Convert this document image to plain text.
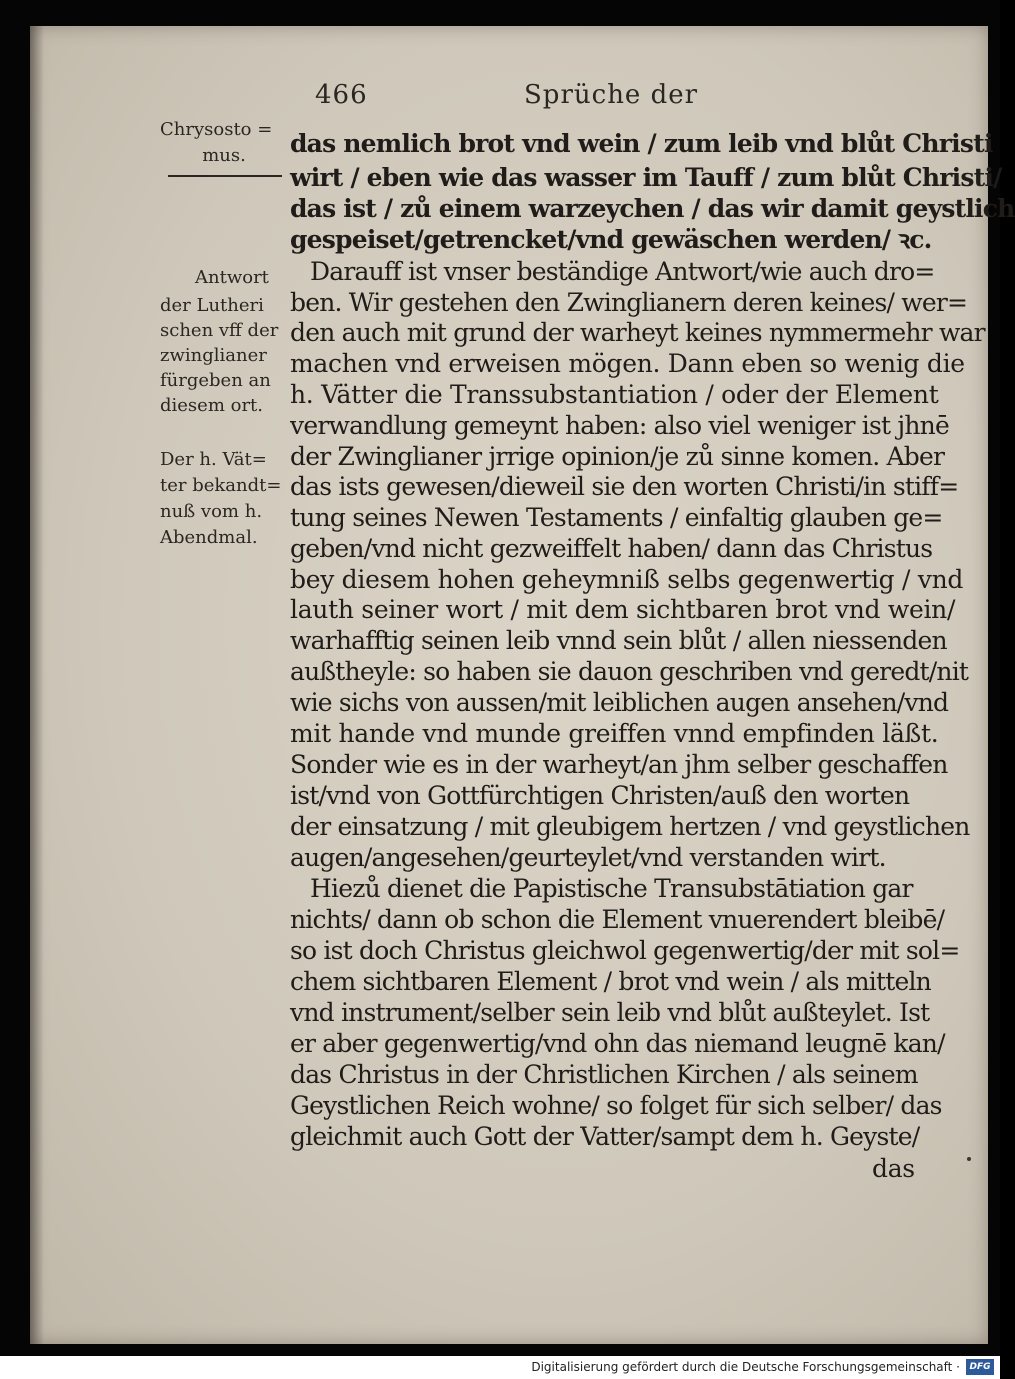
466	Sprüche der
Chrysosto =
mus.
Antwort
der Lutheri
schen vff der
zwinglianer
fürgeben an
diesem ort.
Der h. Vät=
ter bekandt=
nuß vom h.
Abendmal.
das nemlich brot vnd wein / zum leib vnd blůt Christi
wirt / eben wie das wasser im Tauff / zum blůt Christi/
das ist / zů einem warzeychen / das wir damit geystlich
gespeiset/getrencket/vnd gewäschen werden/ ꝛc.
Darauff ist vnser beständige Antwort/wie auch dro=
ben. Wir gestehen den Zwinglianern deren keines/ wer=
den auch mit grund der warheyt keines nymmermehr war
machen vnd erweisen mögen. Dann eben so wenig die
h. Vätter die Transsubstantiation / oder der Element
verwandlung gemeynt haben: also viel weniger ist jhnē
der Zwinglianer jrrige opinion/je zů sinne komen. Aber
das ists gewesen/dieweil sie den worten Christi/in stiff=
tung seines Newen Testaments / einfaltig glauben ge=
geben/vnd nicht gezweiffelt haben/ dann das Christus
bey diesem hohen geheymniß selbs gegenwertig / vnd
lauth seiner wort / mit dem sichtbaren brot vnd wein/
warhafftig seinen leib vnnd sein blůt / allen niessenden
außtheyle: so haben sie dauon geschriben vnd geredt/nit
wie sichs von aussen/mit leiblichen augen ansehen/vnd
mit hande vnd munde greiffen vnnd empfinden läßt.
Sonder wie es in der warheyt/an jhm selber geschaffen
ist/vnd von Gottfürchtigen Christen/auß den worten
der einsatzung / mit gleubigem hertzen / vnd geystlichen
augen/angesehen/geurteylet/vnd verstanden wirt.
Hiezů dienet die Papistische Transubstātiation gar
nichts/ dann ob schon die Element vnuerendert bleibē/
so ist doch Christus gleichwol gegenwertig/der mit sol=
chem sichtbaren Element / brot vnd wein / als mitteln
vnd instrument/selber sein leib vnd blůt außteylet. Ist
er aber gegenwertig/vnd ohn das niemand leugnē kan/
das Christus in der Christlichen Kirchen / als seinem
Geystlichen Reich wohne/ so folget für sich selber/ das
gleichmit auch Gott der Vatter/sampt dem h. Geyste/
das
Digitalisierung gefördert durch die Deutsche Forschungsgemeinschaft ·	DFG
